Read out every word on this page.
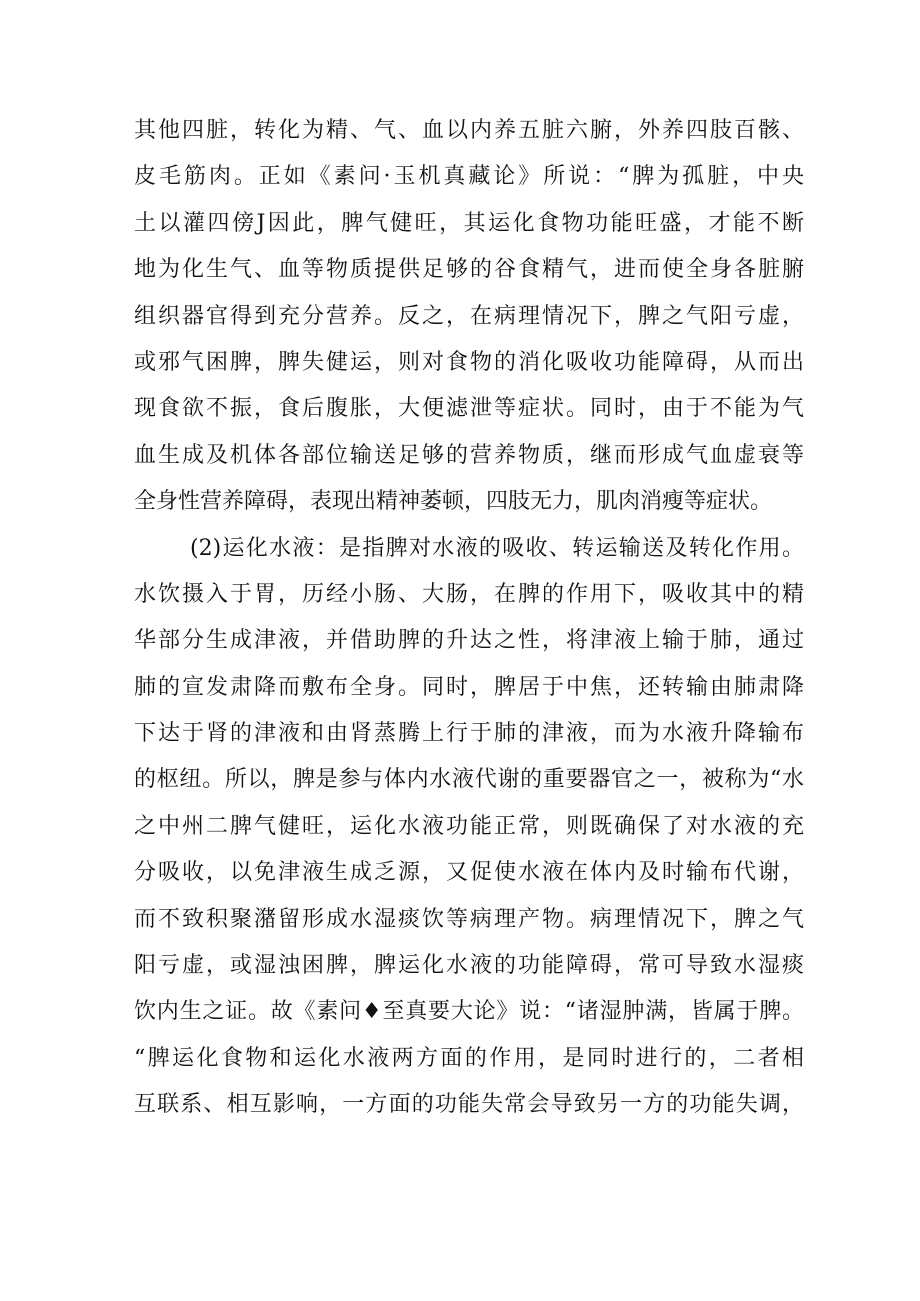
其他四脏，转化为精、气、血以内养五脏六腑，外养四肢百骸、
皮毛筋肉。正如《素问·玉机真藏论》所说：“脾为孤脏，中央
土以灌四傍J因此，脾气健旺，其运化食物功能旺盛，才能不断
地为化生气、血等物质提供足够的谷食精气，进而使全身各脏腑
组织器官得到充分营养。反之，在病理情况下，脾之气阳亏虚，
或邪气困脾，脾失健运，则对食物的消化吸收功能障碍，从而出
现食欲不振，食后腹胀，大便滤泄等症状。同时，由于不能为气
血生成及机体各部位输送足够的营养物质，继而形成气血虚衰等
全身性营养障碍，表现出精神萎顿，四肢无力，肌肉消瘦等症状。
(2)运化水液：是指脾对水液的吸收、转运输送及转化作用。
水饮摄入于胃，历经小肠、大肠，在脾的作用下，吸收其中的精
华部分生成津液，并借助脾的升达之性，将津液上输于肺，通过
肺的宣发肃降而敷布全身。同时，脾居于中焦，还转输由肺肃降
下达于肾的津液和由肾蒸腾上行于肺的津液，而为水液升降输布
的枢纽。所以，脾是参与体内水液代谢的重要器官之一，被称为“水
之中州二脾气健旺，运化水液功能正常，则既确保了对水液的充
分吸收，以免津液生成乏源，又促使水液在体内及时输布代谢，
而不致积聚潴留形成水湿痰饮等病理产物。病理情况下，脾之气
阳亏虚，或湿浊困脾，脾运化水液的功能障碍，常可导致水湿痰
饮内生之证。故《素问♦至真要大论》说：“诸湿肿满，皆属于脾。
“脾运化食物和运化水液两方面的作用，是同时进行的，二者相
互联系、相互影响，一方面的功能失常会导致另一方的功能失调，
